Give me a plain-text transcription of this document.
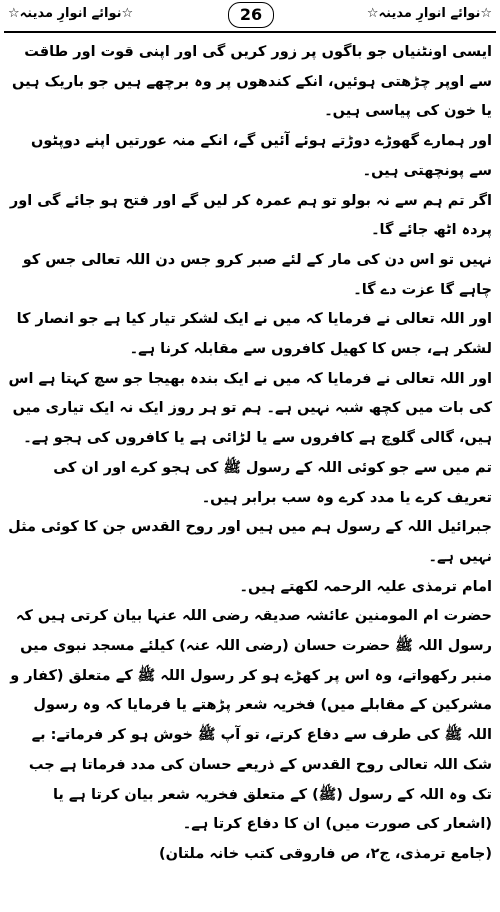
☆نوائے انوارِ مدینہ☆	26	☆نوائے انوارِ مدینہ☆

ایسی اونٹنیاں جو باگوں پر زور کریں گی اور اپنی قوت اور طاقت سے اوپر چڑھتی ہوئیں، انکے کندھوں پر وہ برچھے ہیں جو باریک ہیں یا خون کی پیاسی ہیں۔

اور ہمارے گھوڑے دوڑتے ہوئے آئیں گے، انکے منہ عورتیں اپنے دوپٹوں سے پونچھتی ہیں۔

اگر تم ہم سے نہ بولو تو ہم عمرہ کر لیں گے اور فتح ہو جائے گی اور پردہ اٹھ جائے گا۔

نہیں تو اس دن کی مار کے لئے صبر کرو جس دن اللہ تعالی جس کو چاہے گا عزت دے گا۔

اور اللہ تعالی نے فرمایا کہ میں نے ایک لشکر تیار کیا ہے جو انصار کا لشکر ہے، جس کا کھیل کافروں سے مقابلہ کرنا ہے۔

اور اللہ تعالی نے فرمایا کہ میں نے ایک بندہ بھیجا جو سچ کہتا ہے اس کی بات میں کچھ شبہ نہیں ہے۔ ہم تو ہر روز ایک نہ ایک تیاری میں ہیں، گالی گلوچ ہے کافروں سے یا لڑائی ہے یا کافروں کی ہجو ہے۔

تم میں سے جو کوئی اللہ کے رسول ﷺ کی ہجو کرے اور ان کی تعریف کرے یا مدد کرے وہ سب برابر ہیں۔

جبرائیل اللہ کے رسول ہم میں ہیں اور روح القدس جن کا کوئی مثل نہیں ہے۔

امام ترمذی علیہ الرحمہ لکھتے ہیں۔

حضرت ام المومنین عائشہ صدیقہ رضی اللہ عنہا بیان کرتی ہیں کہ رسول اللہ ﷺ حضرت حسان (رضی اللہ عنہ) کیلئے مسجد نبوی میں منبر رکھواتے، وہ اس پر کھڑے ہو کر رسول اللہ ﷺ کے متعلق (کفار و مشرکین کے مقابلے میں) فخریہ شعر پڑھتے یا فرمایا کہ وہ رسول اللہ ﷺ کی طرف سے دفاع کرتے، تو آپ ﷺ خوش ہو کر فرماتے: بے شک اللہ تعالی روح القدس کے ذریعے حسان کی مدد فرماتا ہے جب تک وہ اللہ کے رسول (ﷺ) کے متعلق فخریہ شعر بیان کرتا ہے یا (اشعار کی صورت میں) ان کا دفاع کرتا ہے۔

(جامع ترمذی، ج۲، ص فاروقی کتب خانہ ملتان)
